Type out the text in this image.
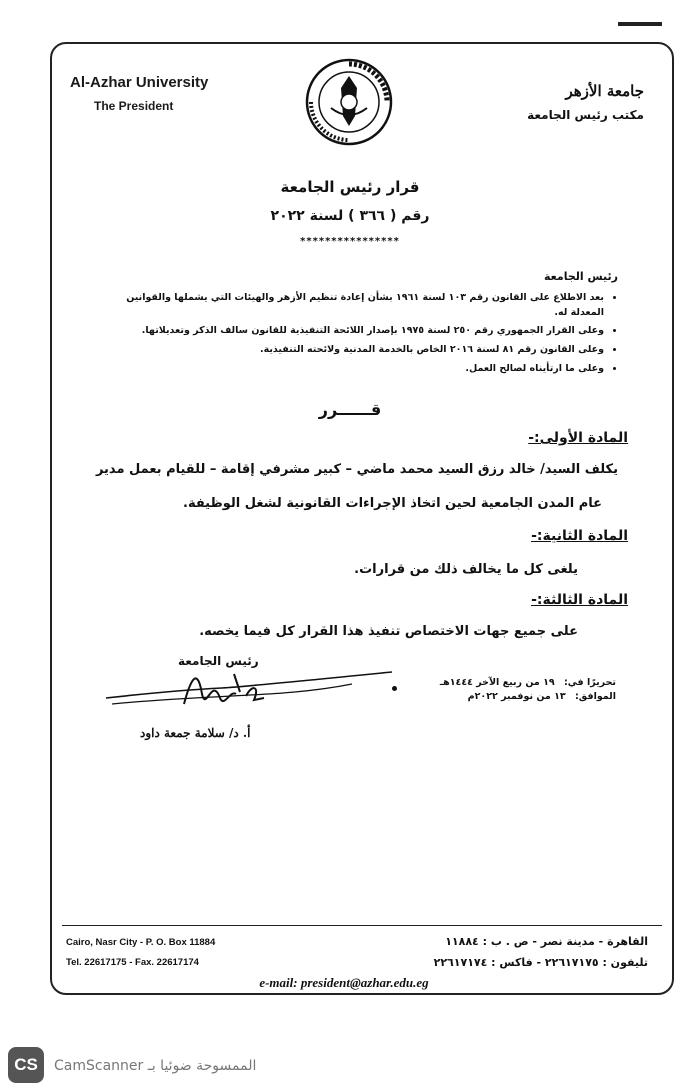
Al-Azhar University
The President
جامعة الأزهر
مكتب رئيس الجامعة
قرار رئيس الجامعة
رقم ( ٣٦٦ ) لسنة ٢٠٢٢
****************
رئيس الجامعة
• بعد الاطلاع على القانون رقم ١٠٣ لسنة ١٩٦١ بشأن إعادة تنظيم الأزهر والهيئات التي يشملها والقوانين المعدلة له.
• وعلى القرار الجمهوري رقم ٢٥٠ لسنة ١٩٧٥ بإصدار اللائحة التنفيذية للقانون سالف الذكر وتعديلاتها.
• وعلى القانون رقم ٨١ لسنة ٢٠١٦ الخاص بالخدمة المدنية ولائحته التنفيذية.
• وعلى ما ارتأيناه لصالح العمل.
قــــــرر
المادة الأولى:-
يكلف السيد/ خالد رزق السيد محمد ماضي – كبير مشرفي إقامة – للقيام بعمل مدير
عام المدن الجامعية لحين اتخاذ الإجراءات القانونية لشغل الوظيفة.
المادة الثانية:-
يلغى كل ما يخالف ذلك من قرارات.
المادة الثالثة:-
على جميع جهات الاختصاص تنفيذ هذا القرار كل فيما يخصه.
رئيس الجامعة
أ. د/ سلامة جمعة داود
تحريرًا في: ١٩ من ربيع الآخر ١٤٤٤هـ
الموافق: ١٣ من نوفمبر ٢٠٢٢م
Cairo, Nasr City - P. O. Box 11884
Tel. 22617175 - Fax. 22617174
القاهرة - مدينة نصر - ص . ب : ١١٨٨٤
تليفون : ٢٢٦١٧١٧٥ - فاكس : ٢٢٦١٧١٧٤
e-mail: president@azhar.edu.eg
CS	الممسوحة ضوئيا بـ CamScanner
